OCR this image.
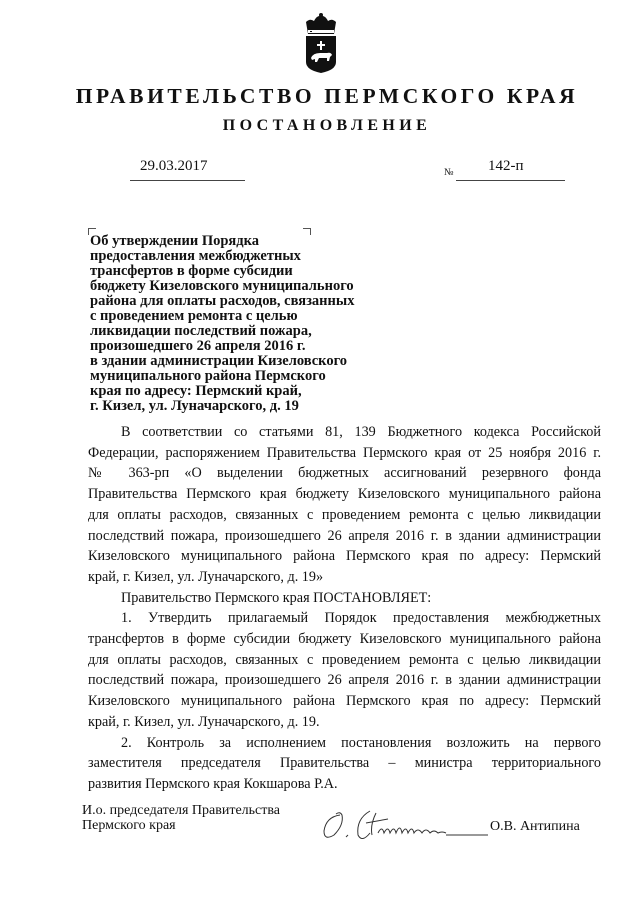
ПРАВИТЕЛЬСТВО ПЕРМСКОГО КРАЯ
ПОСТАНОВЛЕНИЕ
29.03.2017	№ 142-п
Об утверждении Порядка
предоставления межбюджетных
трансфертов в форме субсидии
бюджету Кизеловского муниципального
района для оплаты расходов, связанных
с проведением ремонта с целью
ликвидации последствий пожара,
произошедшего 26 апреля 2016 г.
в здании администрации Кизеловского
муниципального района Пермского
края по адресу: Пермский край,
г. Кизел, ул. Луначарского, д. 19
В соответствии со статьями 81, 139 Бюджетного кодекса Российской
Федерации, распоряжением Правительства Пермского края от 25 ноября 2016 г.
№ 363-рп «О выделении бюджетных ассигнований резервного фонда
Правительства Пермского края бюджету Кизеловского муниципального района
для оплаты расходов, связанных с проведением ремонта с целью ликвидации
последствий пожара, произошедшего 26 апреля 2016 г. в здании администрации
Кизеловского муниципального района Пермского края по адресу: Пермский
край, г. Кизел, ул. Луначарского, д. 19»
Правительство Пермского края ПОСТАНОВЛЯЕТ:
1. Утвердить прилагаемый Порядок предоставления межбюджетных
трансфертов в форме субсидии бюджету Кизеловского муниципального района
для оплаты расходов, связанных с проведением ремонта с целью ликвидации
последствий пожара, произошедшего 26 апреля 2016 г. в здании администрации
Кизеловского муниципального района Пермского края по адресу: Пермский
край, г. Кизел, ул. Луначарского, д. 19.
2. Контроль за исполнением постановления возложить на первого
заместителя председателя Правительства – министра территориального
развития Пермского края Кокшарова Р.А.
И.о. председателя Правительства
Пермского края	О.В. Антипина
